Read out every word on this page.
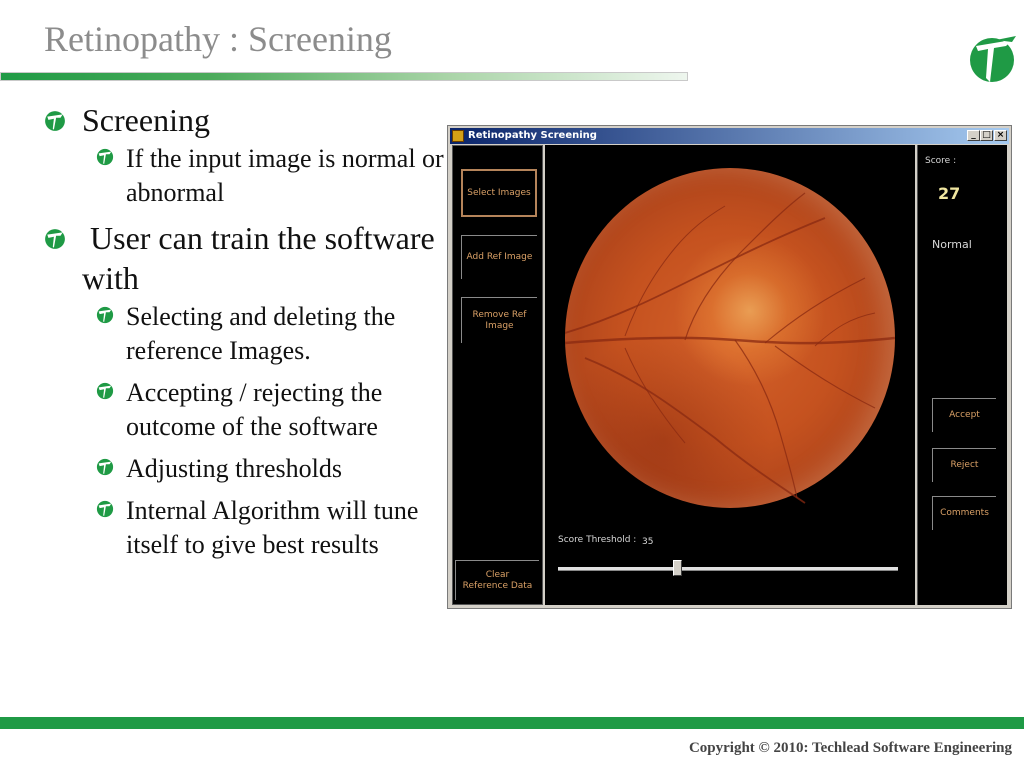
Retinopathy : Screening
Screening
If the input image is normal or abnormal
User can train the software with
Selecting and deleting the reference Images.
Accepting / rejecting the outcome of the software
Adjusting thresholds
Internal Algorithm will tune itself to give best results
Retinopathy Screening	_ □ ×
Select Images
Add Ref Image
Remove Ref Image
Clear Reference Data
Score :
27
Normal
Accept
Reject
Comments
Score Threshold : 35
Copyright © 2010: Techlead Software Engineering
